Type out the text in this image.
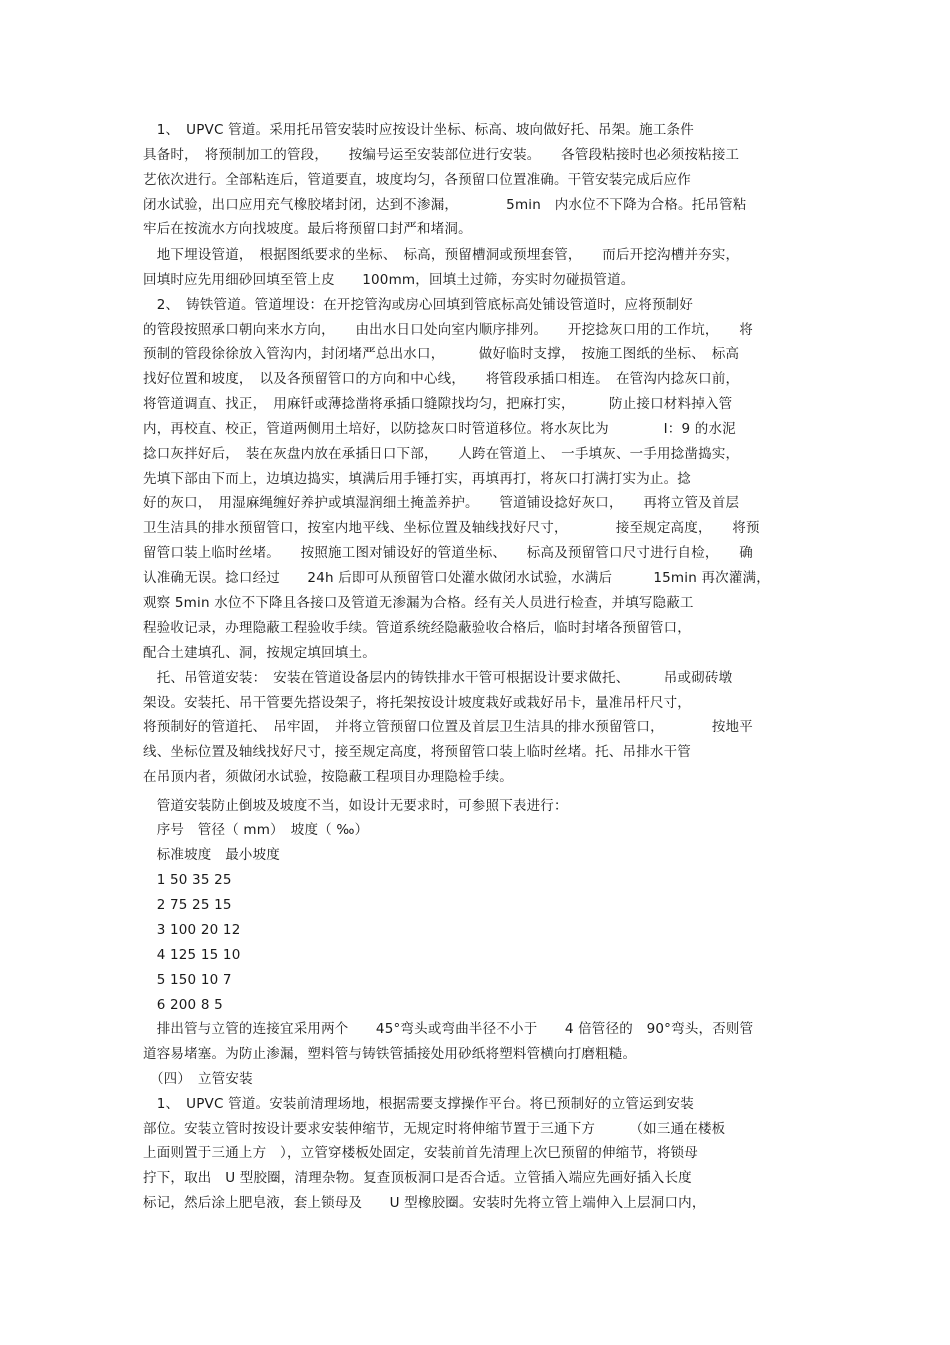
　1、　UPVC 管道。采用托吊管安装时应按设计坐标、标高、坡向做好托、吊架。施工条件
具备时，　将预制加工的管段，　　按编号运至安装部位进行安装。　　各管段粘接时也必须按粘接工
艺依次进行。全部粘连后，管道要直，坡度均匀，各预留口位置准确。干管安装完成后应作
闭水试验，出口应用充气橡胶堵封闭，达到不渗漏，　　　　5min　内水位不下降为合格。托吊管粘
牢后在按流水方向找坡度。最后将预留口封严和堵洞。
　地下埋设管道，　根据图纸要求的坐标、　标高，预留槽洞或预埋套管，　　而后开挖沟槽并夯实，
回填时应先用细砂回填至管上皮　　100mm，回填土过筛，夯实时勿碰损管道。
　2、　铸铁管道。管道埋设：在开挖管沟或房心回填到管底标高处铺设管道时，应将预制好
的管段按照承口朝向来水方向，　　由出水日口处向室内顺序排列。　　开挖捻灰口用的工作坑，　　将
预制的管段徐徐放入管沟内，封闭堵严总出水口，　　　做好临时支撑，　按施工图纸的坐标、　标高
找好位置和坡度，　以及各预留管口的方向和中心线，　　将管段承插口相连。　在管沟内捻灰口前，
将管道调直、找正，　用麻钎或薄捻凿将承插口缝隙找均匀，把麻打实，　　　防止接口材料掉入管
内，再校直、校正，管道两侧用土培好，以防捻灰口时管道移位。将水灰比为　　　　I：9 的水泥
捻口灰拌好后，　装在灰盘内放在承插日口下部，　　人跨在管道上、　一手填灰、一手用捻凿捣实，
先填下部由下而上，边填边捣实，填满后用手锤打实，再填再打，将灰口打满打实为止。捻
好的灰口，　用湿麻绳缠好养护或填湿润细土掩盖养护。　　管道铺设捻好灰口，　　再将立管及首层
卫生洁具的排水预留管口，按室内地平线、坐标位置及轴线找好尺寸，　　　　接至规定高度，　　将预
留管口装上临时丝堵。　　按照施工图对铺设好的管道坐标、　　标高及预留管口尺寸进行自检，　　确
认准确无误。捻口经过　　24h 后即可从预留管口处灌水做闭水试验，水满后　　　15min 再次灌满，
观察 5min 水位不下降且各接口及管道无渗漏为合格。经有关人员进行检查，并填写隐蔽工
程验收记录，办理隐蔽工程验收手续。管道系统经隐蔽验收合格后，临时封堵各预留管口，
配合土建填孔、洞，按规定填回填土。
　托、吊管道安装：　安装在管道设备层内的铸铁排水干管可根据设计要求做托、　　　吊或砌砖墩
架设。安装托、吊干管要先搭设架子，将托架按设计坡度栽好或栽好吊卡，量准吊杆尺寸，
将预制好的管道托、　吊牢固，　并将立管预留口位置及首层卫生洁具的排水预留管口，　　　　按地平
线、坐标位置及轴线找好尺寸，接至规定高度，将预留管口装上临时丝堵。托、吊排水干管
在吊顶内者，须做闭水试验，按隐蔽工程项目办理隐检手续。
　管道安装防止倒坡及坡度不当，如设计无要求时，可参照下表进行：
　序号　管径（ mm）　坡度（ ‰）
　标准坡度　最小坡度
　1 50 35 25
　2 75 25 15
　3 100 20 12
　4 125 15 10
　5 150 10 7
　6 200 8 5
　排出管与立管的连接宜采用两个　　45°弯头或弯曲半径不小于　　4 倍管径的　90°弯头，否则管
道容易堵塞。为防止渗漏，塑料管与铸铁管插接处用砂纸将塑料管横向打磨粗糙。
　（四）　立管安装
　1、　UPVC 管道。安装前清理场地，根据需要支撑操作平台。将已预制好的立管运到安装
部位。安装立管时按设计要求安装伸缩节，无规定时将伸缩节置于三通下方　　　（如三通在楼板
上面则置于三通上方　），立管穿楼板处固定，安装前首先清理上次巳预留的伸缩节，将锁母
拧下，取出　U 型胶圈，清理杂物。复查顶板洞口是否合适。立管插入端应先画好插入长度
标记，然后涂上肥皂液，套上锁母及　　U 型橡胶圈。安装时先将立管上端伸入上层洞口内，
